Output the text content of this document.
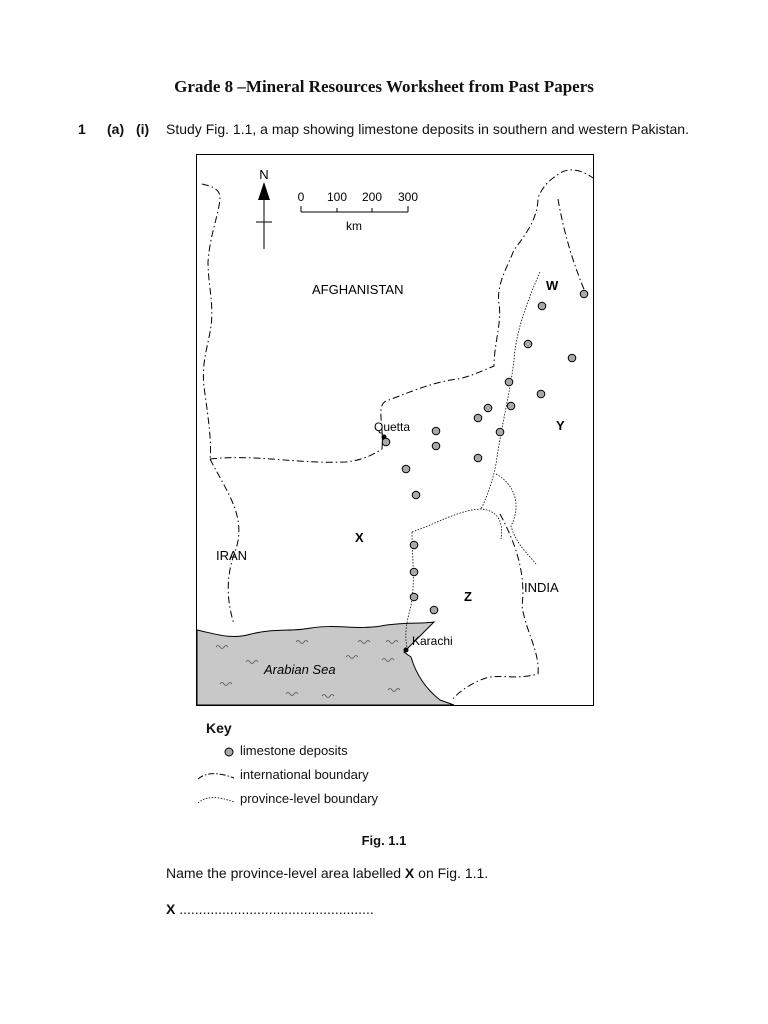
Grade 8 –Mineral Resources Worksheet from Past Papers
1 (a) (i) Study Fig. 1.1, a map showing limestone deposits in southern and western Pakistan.
N
0 100 200 300
km
AFGHANISTAN
IRAN
INDIA
Arabian Sea
Quetta
Karachi
W
X
Y
Z
Key
limestone deposits
international boundary
province-level boundary
Fig. 1.1
Name the province-level area labelled X on Fig. 1.1.
X ..................................................
